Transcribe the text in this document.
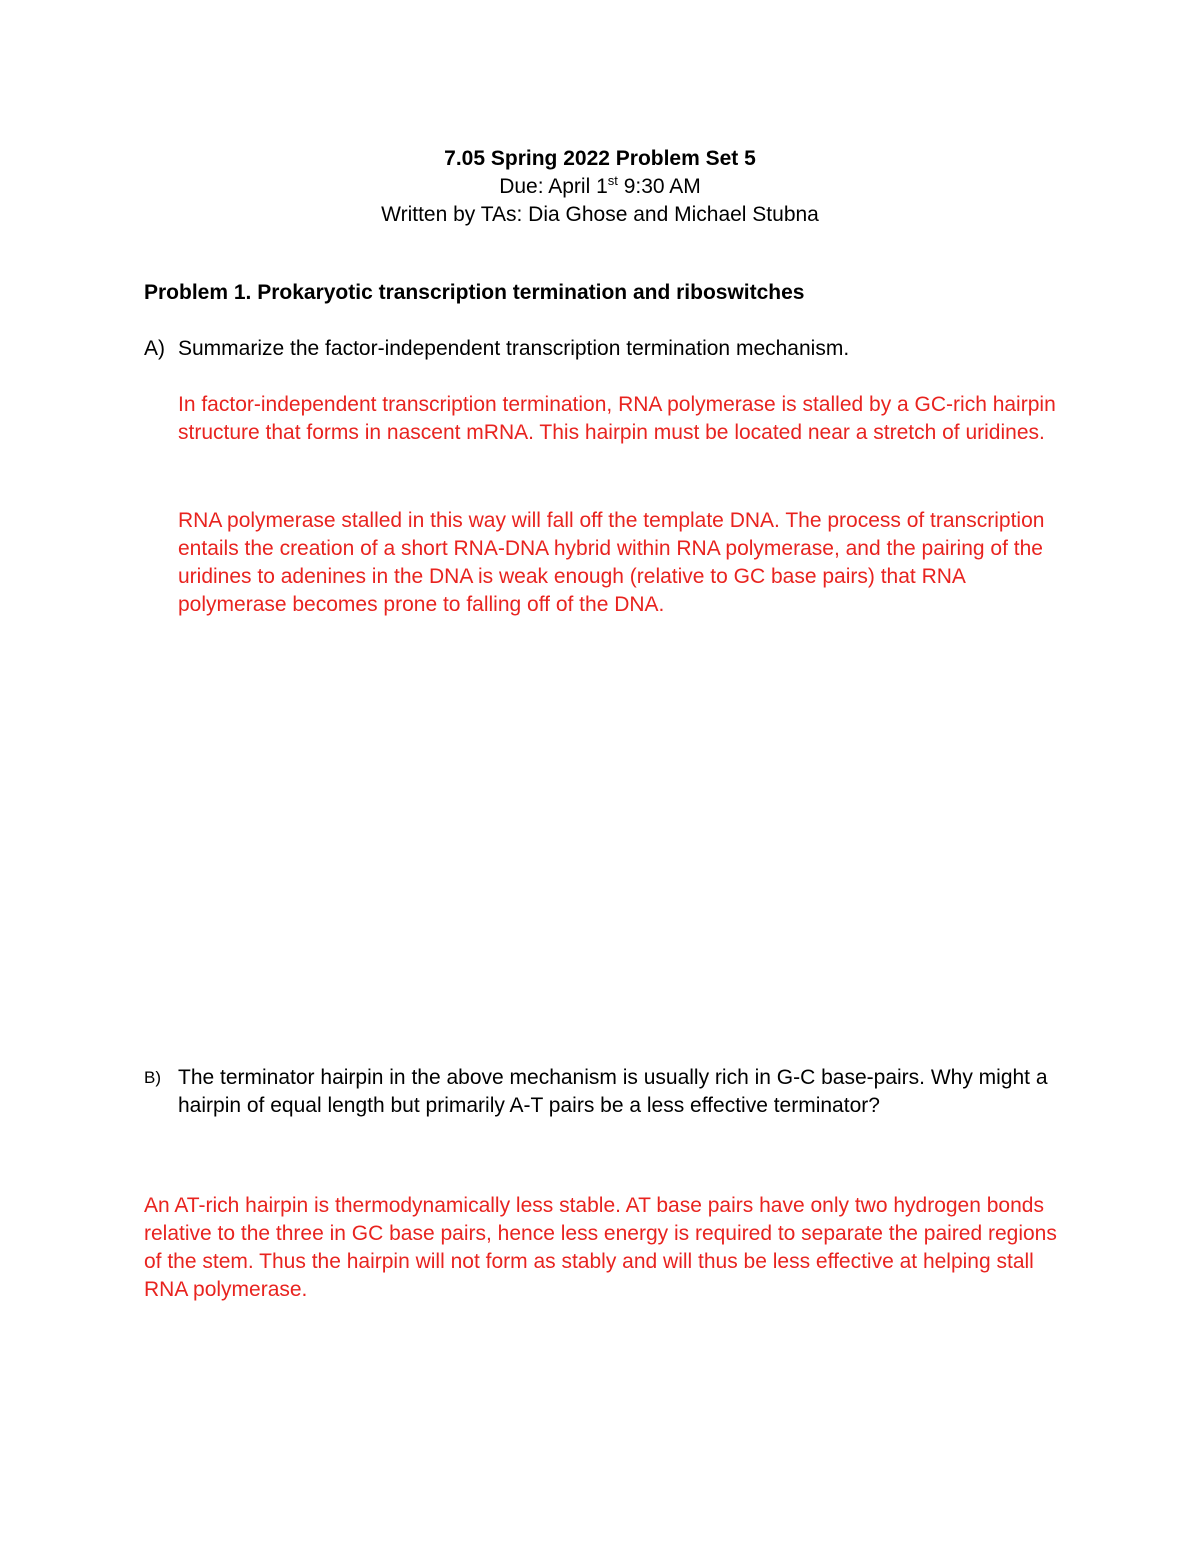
7.05 Spring 2022 Problem Set 5
Due: April 1st 9:30 AM
Written by TAs: Dia Ghose and Michael Stubna
Problem 1. Prokaryotic transcription termination and riboswitches
A) Summarize the factor-independent transcription termination mechanism.

In factor-independent transcription termination, RNA polymerase is stalled by a GC-rich hairpin structure that forms in nascent mRNA. This hairpin must be located near a stretch of uridines.

RNA polymerase stalled in this way will fall off the template DNA. The process of transcription entails the creation of a short RNA-DNA hybrid within RNA polymerase, and the pairing of the uridines to adenines in the DNA is weak enough (relative to GC base pairs) that RNA polymerase becomes prone to falling off of the DNA.

B) The terminator hairpin in the above mechanism is usually rich in G-C base-pairs. Why might a hairpin of equal length but primarily A-T pairs be a less effective terminator?

An AT-rich hairpin is thermodynamically less stable. AT base pairs have only two hydrogen bonds relative to the three in GC base pairs, hence less energy is required to separate the paired regions of the stem. Thus the hairpin will not form as stably and will thus be less effective at helping stall RNA polymerase.
